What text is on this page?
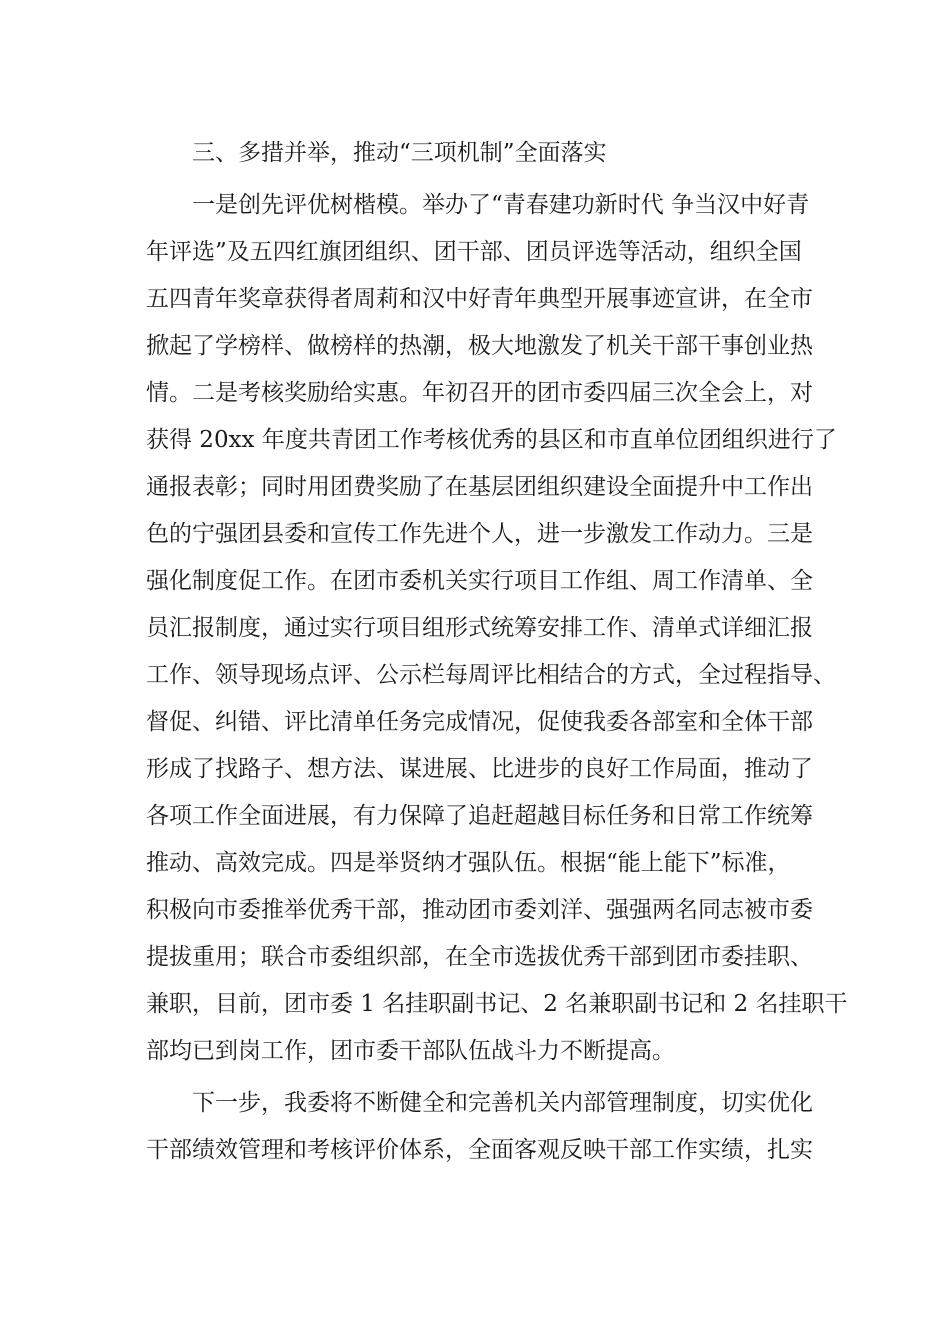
三、多措并举，推动“三项机制”全面落实

一是创先评优树楷模。举办了“青春建功新时代 争当汉中好青

年评选”及五四红旗团组织、团干部、团员评选等活动，组织全国

五四青年奖章获得者周莉和汉中好青年典型开展事迹宣讲，在全市

掀起了学榜样、做榜样的热潮，极大地激发了机关干部干事创业热

情。二是考核奖励给实惠。年初召开的团市委四届三次全会上，对

获得 20xx 年度共青团工作考核优秀的县区和市直单位团组织进行了

通报表彰；同时用团费奖励了在基层团组织建设全面提升中工作出

色的宁强团县委和宣传工作先进个人，进一步激发工作动力。三是

强化制度促工作。在团市委机关实行项目工作组、周工作清单、全

员汇报制度，通过实行项目组形式统筹安排工作、清单式详细汇报

工作、领导现场点评、公示栏每周评比相结合的方式，全过程指导、

督促、纠错、评比清单任务完成情况，促使我委各部室和全体干部

形成了找路子、想方法、谋进展、比进步的良好工作局面，推动了

各项工作全面进展，有力保障了追赶超越目标任务和日常工作统筹

推动、高效完成。四是举贤纳才强队伍。根据“能上能下”标准，

积极向市委推举优秀干部，推动团市委刘洋、强强两名同志被市委

提拔重用；联合市委组织部，在全市选拔优秀干部到团市委挂职、

兼职，目前，团市委 1 名挂职副书记、2 名兼职副书记和 2 名挂职干

部均已到岗工作，团市委干部队伍战斗力不断提高。

下一步，我委将不断健全和完善机关内部管理制度，切实优化

干部绩效管理和考核评价体系，全面客观反映干部工作实绩，扎实
